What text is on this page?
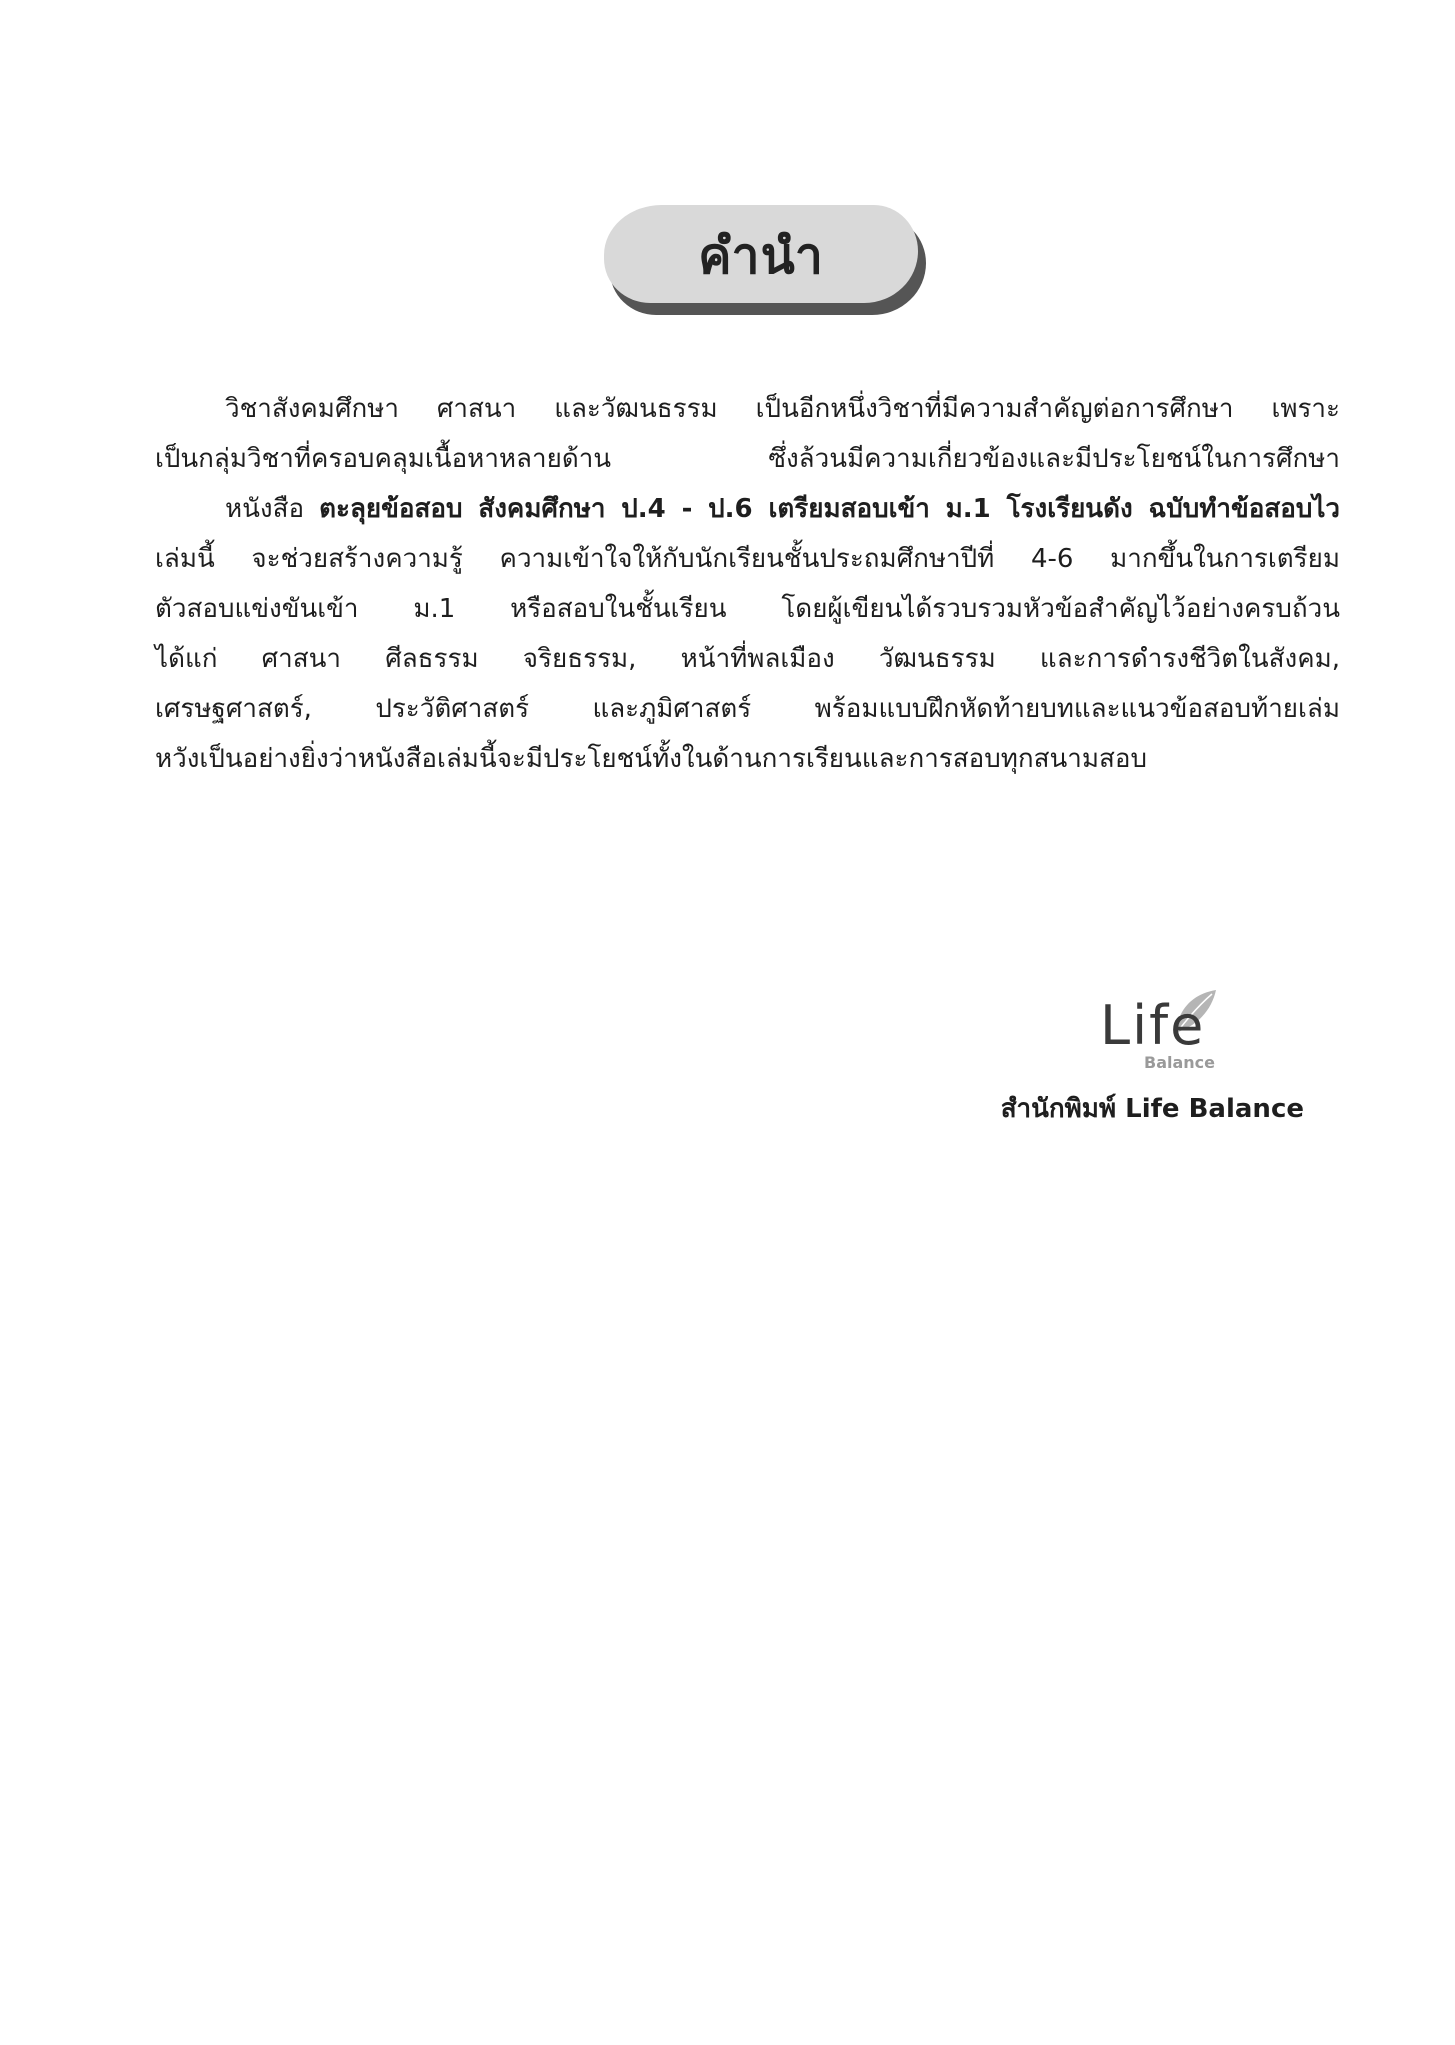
คำนำ
วิชาสังคมศึกษา ศาสนา และวัฒนธรรม เป็นอีกหนึ่งวิชาที่มีความสำคัญต่อการศึกษา เพราะ
เป็นกลุ่มวิชาที่ครอบคลุมเนื้อหาหลายด้าน ซึ่งล้วนมีความเกี่ยวข้องและมีประโยชน์ในการศึกษา
หนังสือ ตะลุยข้อสอบ สังคมศึกษา ป.4 - ป.6 เตรียมสอบเข้า ม.1 โรงเรียนดัง ฉบับทำข้อสอบไว
เล่มนี้ จะช่วยสร้างความรู้ ความเข้าใจให้กับนักเรียนชั้นประถมศึกษาปีที่ 4-6 มากขึ้นในการเตรียม
ตัวสอบแข่งขันเข้า ม.1 หรือสอบในชั้นเรียน โดยผู้เขียนได้รวบรวมหัวข้อสำคัญไว้อย่างครบถ้วน
ได้แก่ ศาสนา ศีลธรรม จริยธรรม, หน้าที่พลเมือง วัฒนธรรม และการดำรงชีวิตในสังคม,
เศรษฐศาสตร์, ประวัติศาสตร์ และภูมิศาสตร์ พร้อมแบบฝึกหัดท้ายบทและแนวข้อสอบท้ายเล่ม
หวังเป็นอย่างยิ่งว่าหนังสือเล่มนี้จะมีประโยชน์ทั้งในด้านการเรียนและการสอบทุกสนามสอบ
Life
Balance
สำนักพิมพ์ Life Balance
